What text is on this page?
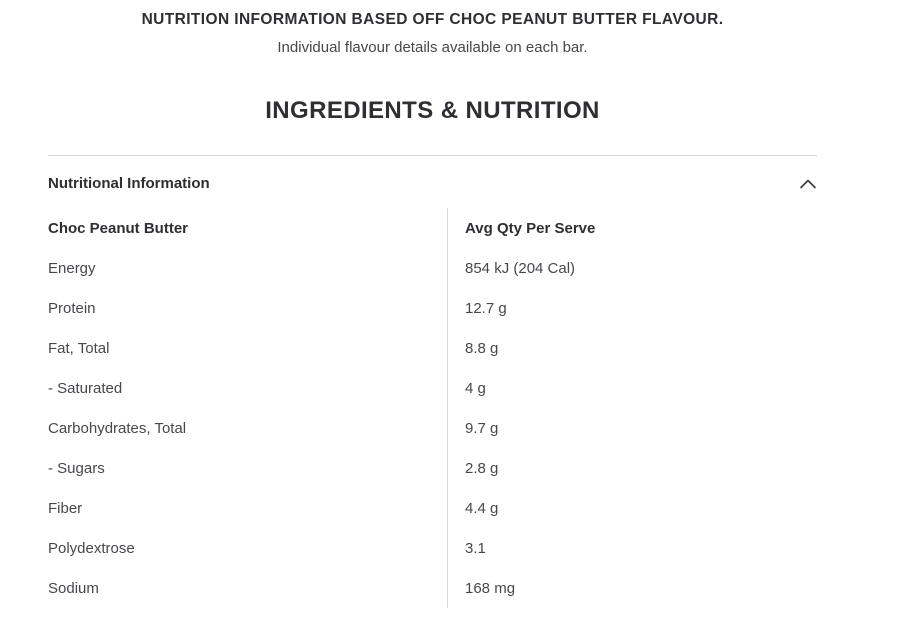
NUTRITION INFORMATION BASED OFF CHOC PEANUT BUTTER FLAVOUR.

Individual flavour details available on each bar.

INGREDIENTS & NUTRITION
Nutritional Information
Choc Peanut Butter	Avg Qty Per Serve
Energy	854 kJ (204 Cal)
Protein	12.7 g
Fat, Total	8.8 g
- Saturated	4 g
Carbohydrates, Total	9.7 g
- Sugars	2.8 g
Fiber	4.4 g
Polydextrose	3.1
Sodium	168 mg
